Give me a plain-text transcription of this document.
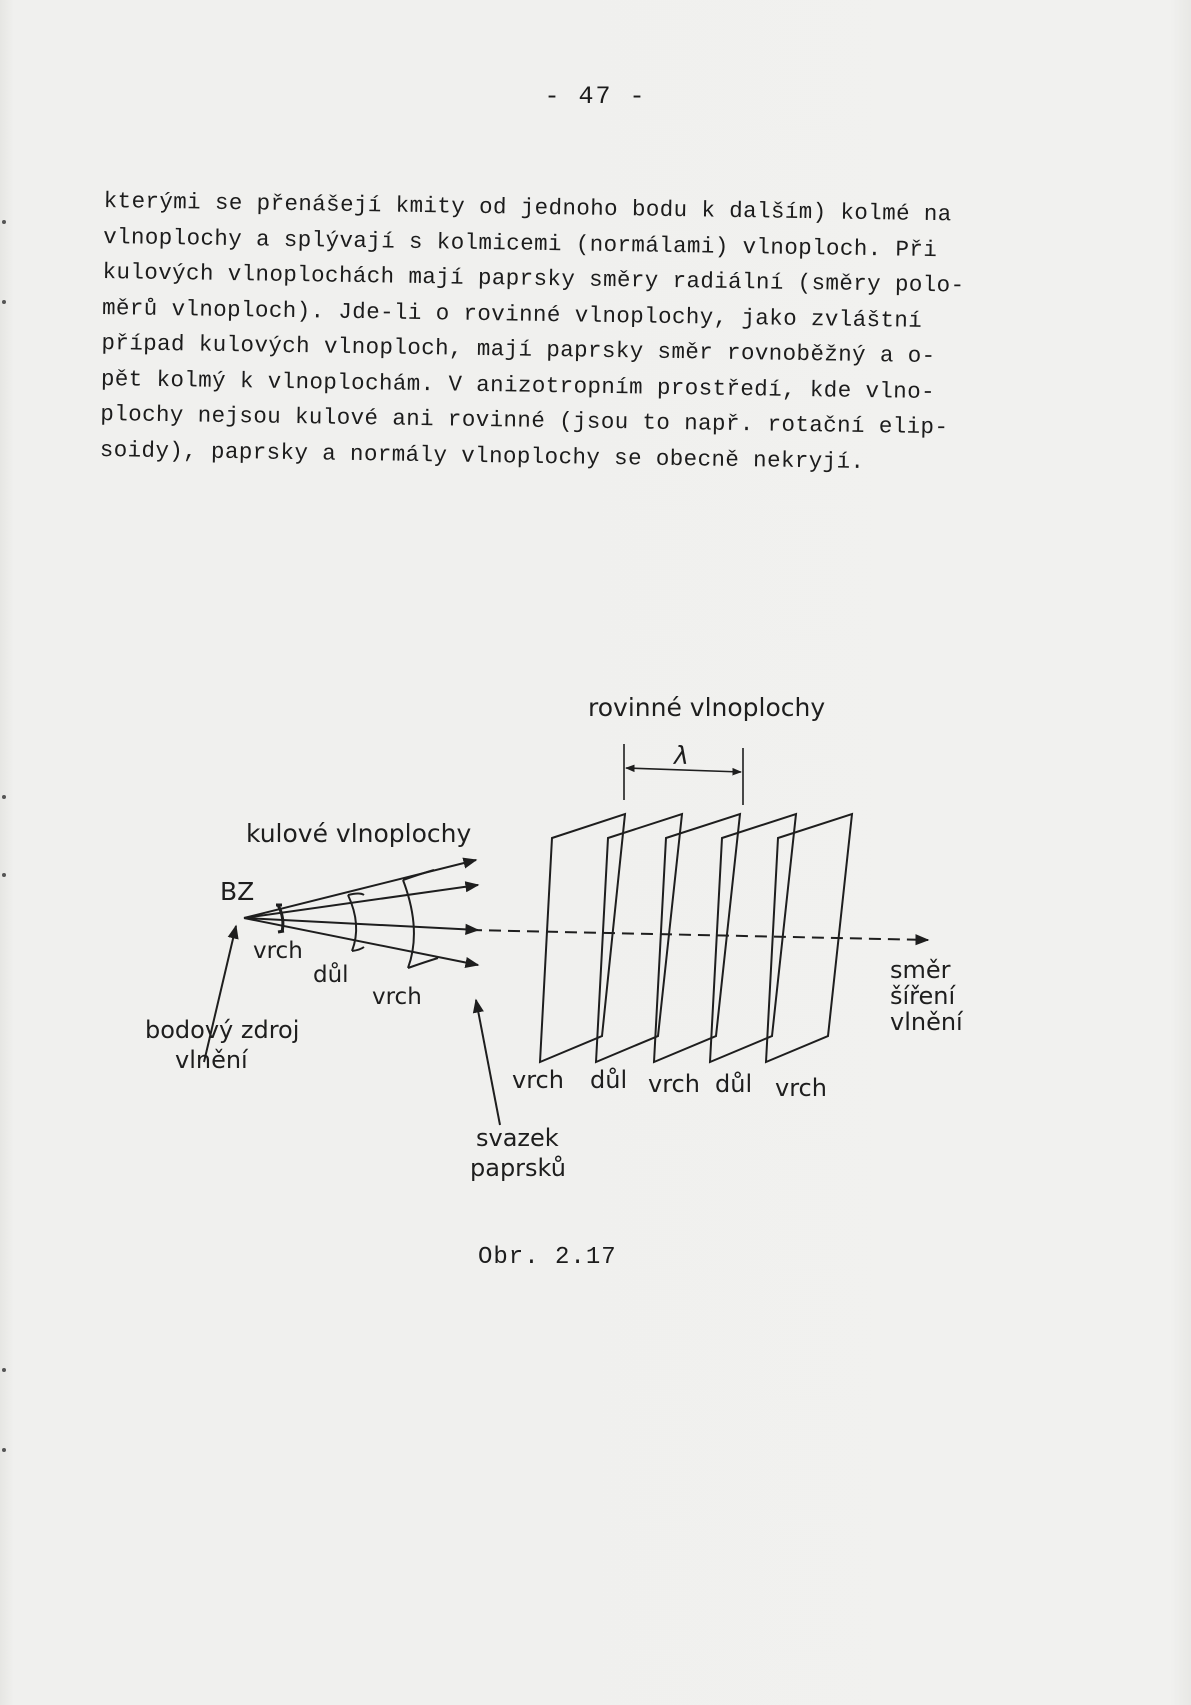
- 47 -
kterými se přenášejí kmity od jednoho bodu k dalším) kolmé na
vlnoplochy a splývají s kolmicemi (normálami) vlnoploch. Při
kulových vlnoplochách mají paprsky směry radiální (směry polo-
měrů vlnoploch). Jde-li o rovinné vlnoplochy, jako zvláštní
případ kulových vlnoploch, mají paprsky směr rovnoběžný a o-
pět kolmý k vlnoplochám. V anizotropním prostředí, kde vlno-
plochy nejsou kulové ani rovinné (jsou to např. rotační elip-
soidy), paprsky a normály vlnoplochy se obecně nekryjí.
rovinné vlnoplochy
λ
kulové vlnoplochy
BZ
vrch
důl
vrch
bodový zdroj
vlnění
směr
šíření
vlnění
vrch důl vrch důl vrch
svazek
paprsků
Obr. 2.17
